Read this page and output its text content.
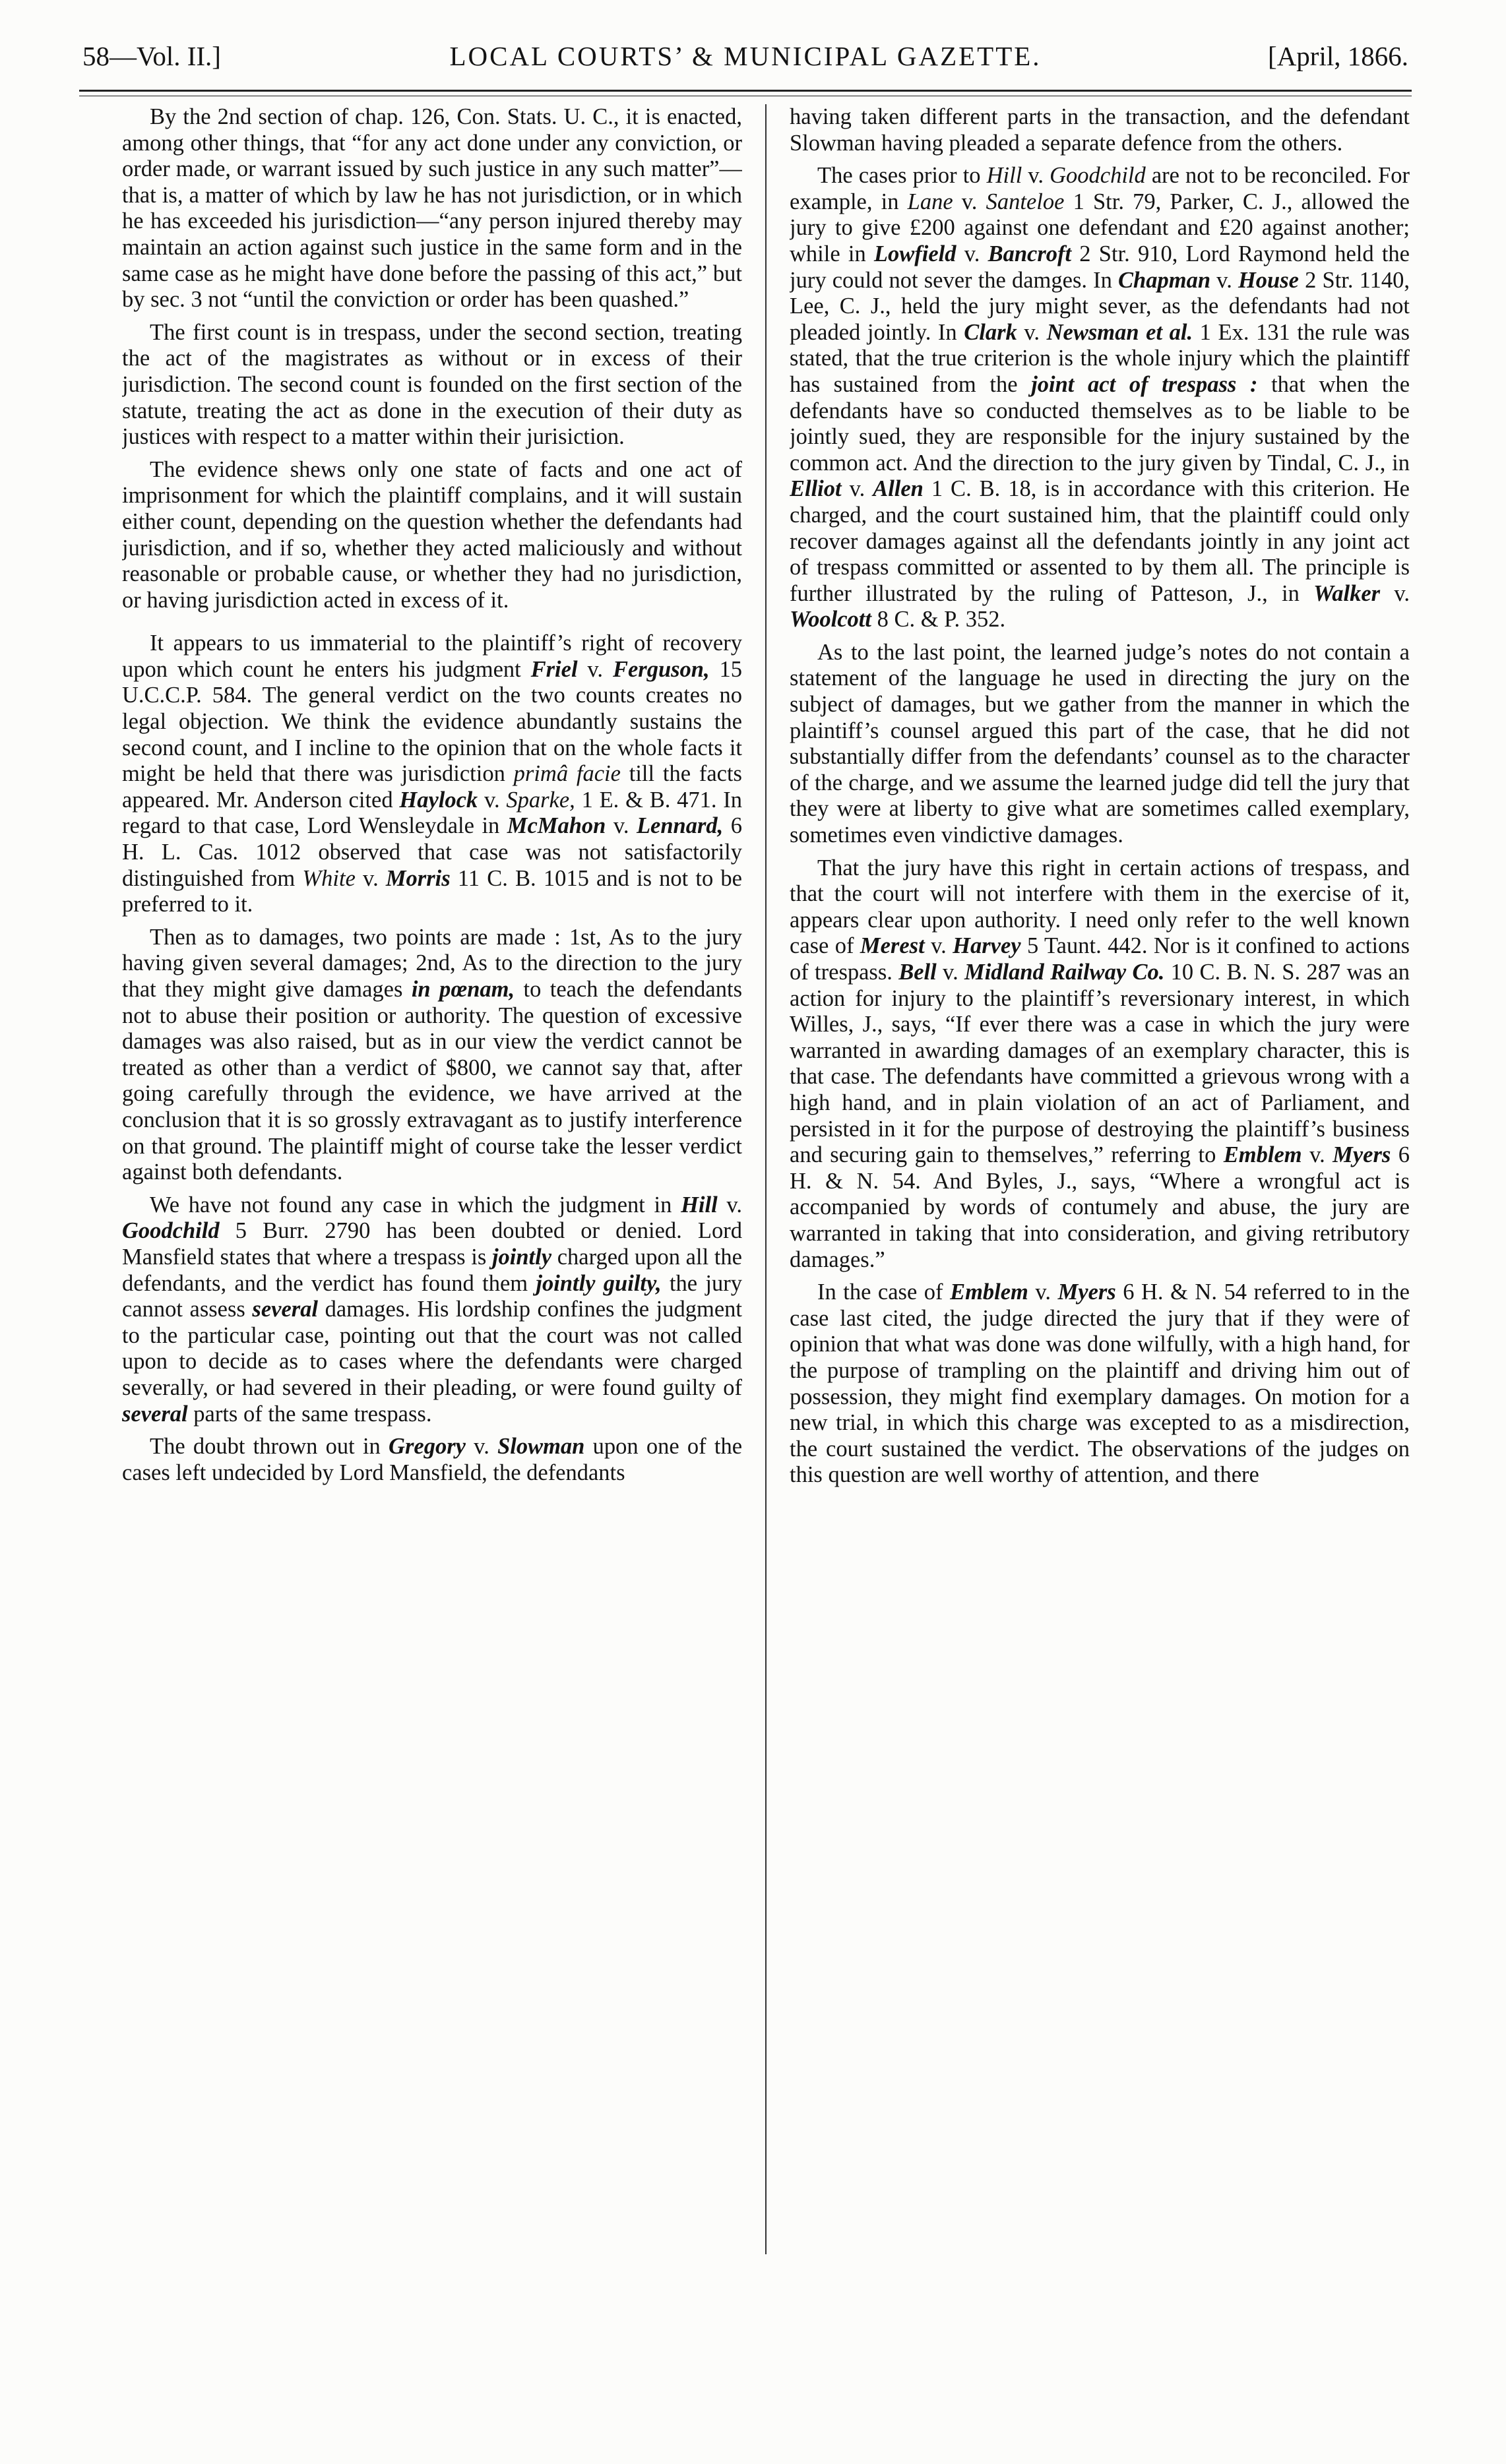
58—Vol. II.]	LOCAL COURTS’ & MUNICIPAL GAZETTE.	[April, 1866.

By the 2nd section of chap. 126, Con. Stats. U. C., it is enacted, among other things, that “for any act done under any conviction, or order made, or warrant issued by such justice in any such matter”—that is, a matter of which by law he has not jurisdiction, or in which he has exceeded his jurisdiction—“any person injured thereby may maintain an action against such justice in the same form and in the same case as he might have done before the passing of this act,” but by sec. 3 not “until the conviction or order has been quashed.”

The first count is in trespass, under the second section, treating the act of the magistrates as without or in excess of their jurisdiction. The second count is founded on the first section of the statute, treating the act as done in the execution of their duty as justices with respect to a matter within their jurisiction.

The evidence shews only one state of facts and one act of imprisonment for which the plaintiff complains, and it will sustain either count, depending on the question whether the defendants had jurisdiction, and if so, whether they acted maliciously and without reasonable or probable cause, or whether they had no jurisdiction, or having jurisdiction acted in excess of it.

It appears to us immaterial to the plaintiff’s right of recovery upon which count he enters his judgment Friel v. Ferguson, 15 U.C.C.P. 584. The general verdict on the two counts creates no legal objection. We think the evidence abundantly sustains the second count, and I incline to the opinion that on the whole facts it might be held that there was jurisdiction primâ facie till the facts appeared. Mr. Anderson cited Haylock v. Sparke, 1 E. & B. 471. In regard to that case, Lord Wensleydale in McMahon v. Lennard, 6 H. L. Cas. 1012 observed that case was not satisfactorily distinguished from White v. Morris 11 C. B. 1015 and is not to be preferred to it.

Then as to damages, two points are made : 1st, As to the jury having given several damages; 2nd, As to the direction to the jury that they might give damages in pœnam, to teach the defendants not to abuse their position or authority. The question of excessive damages was also raised, but as in our view the verdict cannot be treated as other than a verdict of $800, we cannot say that, after going carefully through the evidence, we have arrived at the conclusion that it is so grossly extravagant as to justify interference on that ground. The plaintiff might of course take the lesser verdict against both defendants.

We have not found any case in which the judgment in Hill v. Goodchild 5 Burr. 2790 has been doubted or denied. Lord Mansfield states that where a trespass is jointly charged upon all the defendants, and the verdict has found them jointly guilty, the jury cannot assess several damages. His lordship confines the judgment to the particular case, pointing out that the court was not called upon to decide as to cases where the defendants were charged severally, or had severed in their pleading, or were found guilty of several parts of the same trespass.

The doubt thrown out in Gregory v. Slowman upon one of the cases left undecided by Lord Mansfield, the defendants

having taken different parts in the transaction, and the defendant Slowman having pleaded a separate defence from the others.

The cases prior to Hill v. Goodchild are not to be reconciled. For example, in Lane v. Santeloe 1 Str. 79, Parker, C. J., allowed the jury to give £200 against one defendant and £20 against another; while in Lowfield v. Bancroft 2 Str. 910, Lord Raymond held the jury could not sever the damges. In Chapman v. House 2 Str. 1140, Lee, C. J., held the jury might sever, as the defendants had not pleaded jointly. In Clark v. Newsman et al. 1 Ex. 131 the rule was stated, that the true criterion is the whole injury which the plaintiff has sustained from the joint act of trespass : that when the defendants have so conducted themselves as to be liable to be jointly sued, they are responsible for the injury sustained by the common act. And the direction to the jury given by Tindal, C. J., in Elliot v. Allen 1 C. B. 18, is in accordance with this criterion. He charged, and the court sustained him, that the plaintiff could only recover damages against all the defendants jointly in any joint act of trespass committed or assented to by them all. The principle is further illustrated by the ruling of Patteson, J., in Walker v. Woolcott 8 C. & P. 352.

As to the last point, the learned judge’s notes do not contain a statement of the language he used in directing the jury on the subject of damages, but we gather from the manner in which the plaintiff’s counsel argued this part of the case, that he did not substantially differ from the defendants’ counsel as to the character of the charge, and we assume the learned judge did tell the jury that they were at liberty to give what are sometimes called exemplary, sometimes even vindictive damages.

That the jury have this right in certain actions of trespass, and that the court will not interfere with them in the exercise of it, appears clear upon authority. I need only refer to the well known case of Merest v. Harvey 5 Taunt. 442. Nor is it confined to actions of trespass. Bell v. Midland Railway Co. 10 C. B. N. S. 287 was an action for injury to the plaintiff’s reversionary interest, in which Willes, J., says, “If ever there was a case in which the jury were warranted in awarding damages of an exemplary character, this is that case. The defendants have committed a grievous wrong with a high hand, and in plain violation of an act of Parliament, and persisted in it for the purpose of destroying the plaintiff’s business and securing gain to themselves,” referring to Emblem v. Myers 6 H. & N. 54. And Byles, J., says, “Where a wrongful act is accompanied by words of contumely and abuse, the jury are warranted in taking that into consideration, and giving retributory damages.”

In the case of Emblem v. Myers 6 H. & N. 54 referred to in the case last cited, the judge directed the jury that if they were of opinion that what was done was done wilfully, with a high hand, for the purpose of trampling on the plaintiff and driving him out of possession, they might find exemplary damages. On motion for a new trial, in which this charge was excepted to as a misdirection, the court sustained the verdict. The observations of the judges on this question are well worthy of attention, and there
